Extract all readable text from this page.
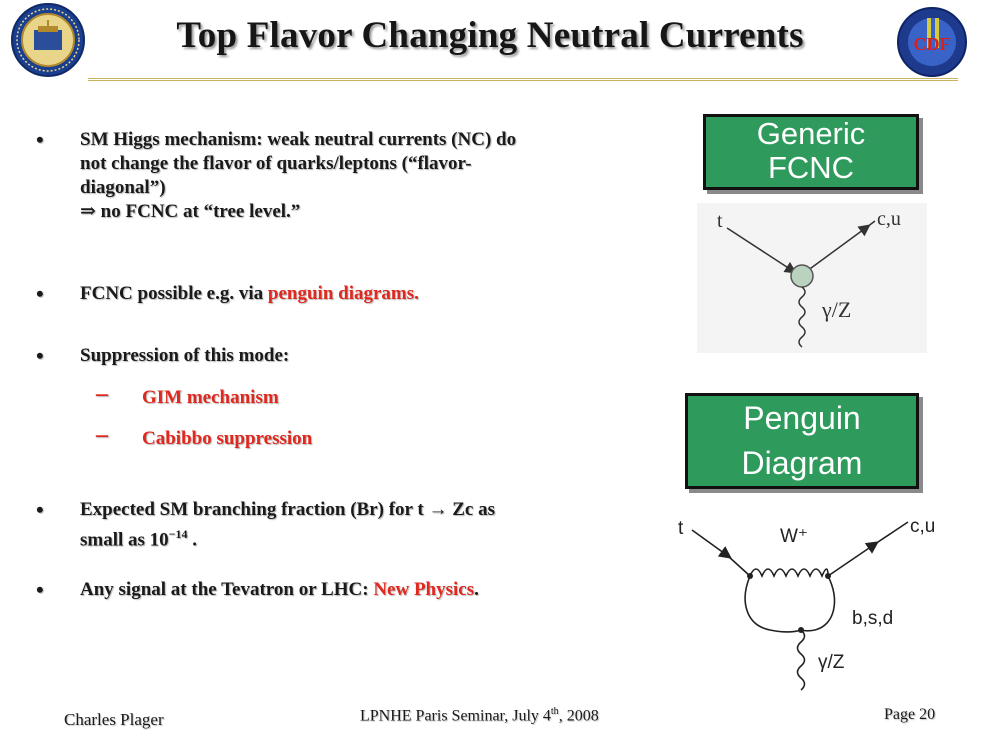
Top Flavor Changing Neutral Currents	CDF
• SM Higgs mechanism: weak neutral currents (NC) do
not change the flavor of quarks/leptons (“flavor-
diagonal”)
⇒ no FCNC at “tree level.”
• FCNC possible e.g. via penguin diagrams.
• Suppression of this mode:
– GIM mechanism
– Cabibbo suppression
• Expected SM branching fraction (Br) for t → Zc as
small as $10^{-14}$ .
• Any signal at the Tevatron or LHC: New Physics.
Generic
FCNC
t	c,u
γ/Z
Penguin
Diagram
t	W⁺	c,u
b,s,d
γ/Z
Charles Plager	LPNHE Paris Seminar, July 4th, 2008	Page 20
